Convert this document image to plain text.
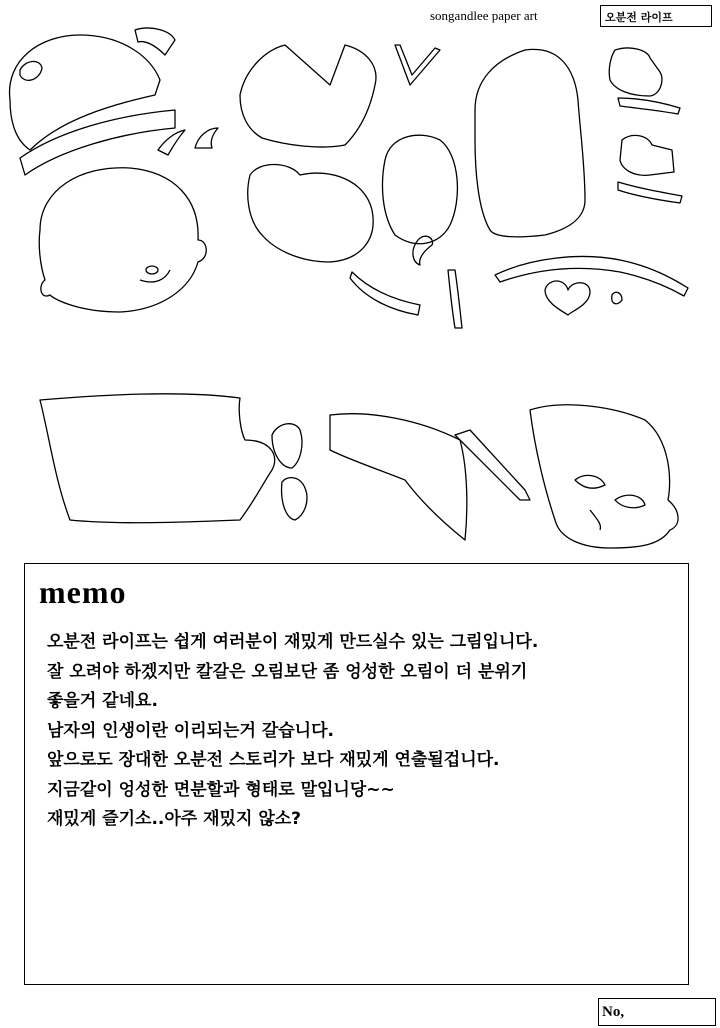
songandlee paper art	오분전 라이프
memo
오분전 라이프는 쉽게 여러분이 재밌게 만드실수 있는 그림입니다.
잘 오려야 하겠지만 칼갈은 오림보단 좀 엉성한 오림이 더 분위기
좋을거 같네요.
남자의 인생이란 이리되는거 갈습니다.
앞으로도 장대한 오분전 스토리가 보다 재밌게 연출될겁니다.
지금같이 엉성한 면분할과 형태로 말입니당~~
재밌게 즐기소..아주 재밌지 않소?
No,
